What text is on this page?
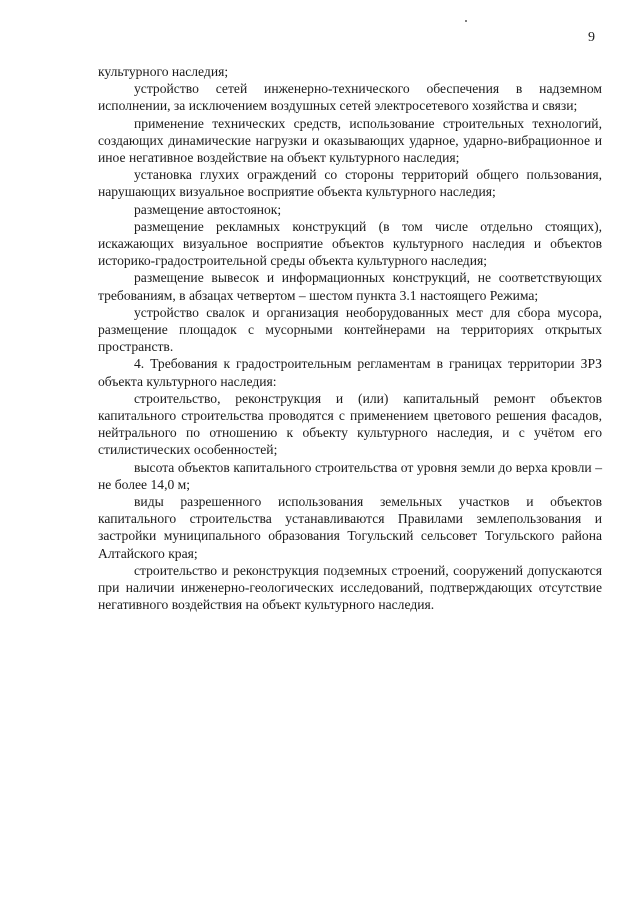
9

культурного наследия;

устройство сетей инженерно-технического обеспечения в надземном исполнении, за исключением воздушных сетей электросетевого хозяйства и связи;

применение технических средств, использование строительных технологий, создающих динамические нагрузки и оказывающих ударное, ударно-вибрационное и иное негативное воздействие на объект культурного наследия;

установка глухих ограждений со стороны территорий общего пользования, нарушающих визуальное восприятие объекта культурного наследия;

размещение автостоянок;

размещение рекламных конструкций (в том числе отдельно стоящих), искажающих визуальное восприятие объектов культурного наследия и объектов историко-градостроительной среды объекта культурного наследия;

размещение вывесок и информационных конструкций, не соответствующих требованиям, в абзацах четвертом – шестом пункта 3.1 настоящего Режима;

устройство свалок и организация необорудованных мест для сбора мусора, размещение площадок с мусорными контейнерами на территориях открытых пространств.

4. Требования к градостроительным регламентам в границах территории ЗРЗ объекта культурного наследия:

строительство, реконструкция и (или) капитальный ремонт объектов капитального строительства проводятся с применением цветового решения фасадов, нейтрального по отношению к объекту культурного наследия, и с учётом его стилистических особенностей;

высота объектов капитального строительства от уровня земли до верха кровли – не более 14,0 м;

виды разрешенного использования земельных участков и объектов капитального строительства устанавливаются Правилами землепользования и застройки муниципального образования Тогульский сельсовет Тогульского района Алтайского края;

строительство и реконструкция подземных строений, сооружений допускаются при наличии инженерно-геологических исследований, подтверждающих отсутствие негативного воздействия на объект культурного наследия.
